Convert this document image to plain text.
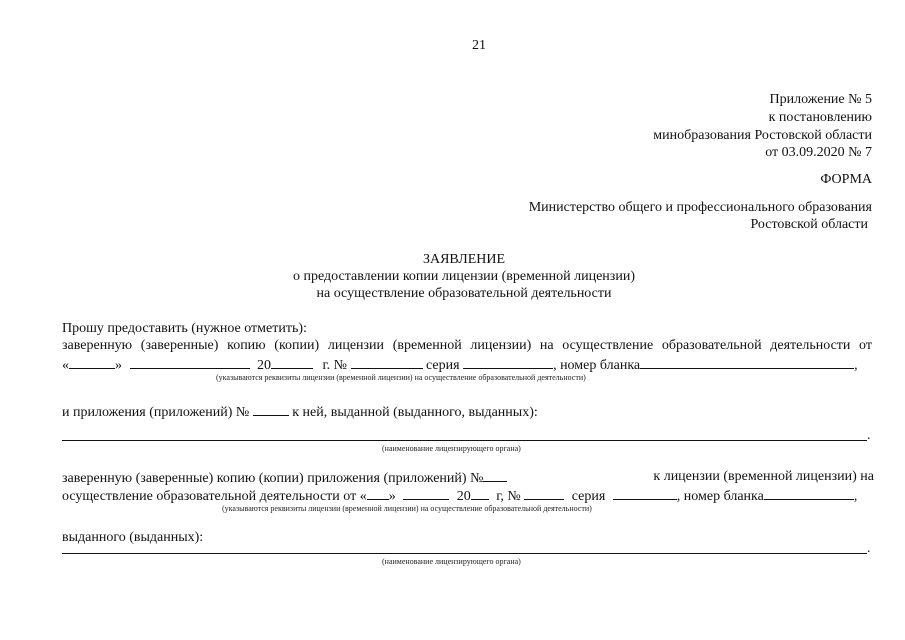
21
Приложение № 5
к постановлению
минобразования Ростовской области
от 03.09.2020 № 7
ФОРМА
Министерство общего и профессионального образования
Ростовской области
ЗАЯВЛЕНИЕ
о предоставлении копии лицензии (временной лицензии)
на осуществление образовательной деятельности
Прошу предоставить (нужное отметить):
заверенную (заверенные) копию (копии) лицензии (временной лицензии) на осуществление образовательной деятельности от
«	»	20	г. №	серия	, номер бланка	,
(указываются реквизиты лицензии (временной лицензии) на осуществление образовательной деятельности)
и приложения (приложений) №	к ней, выданной (выданного, выданных):
.
(наименование лицензирующего органа)
заверенную (заверенные) копию (копии) приложения (приложений) №	к лицензии (временной лицензии) на
осуществление образовательной деятельности от « »	20 г, №	серия	, номер бланка	,
(указываются реквизиты лицензии (временной лицензии) на осуществление образовательной деятельности)
выданного (выданных):
.
(наименование лицензирующего органа)
